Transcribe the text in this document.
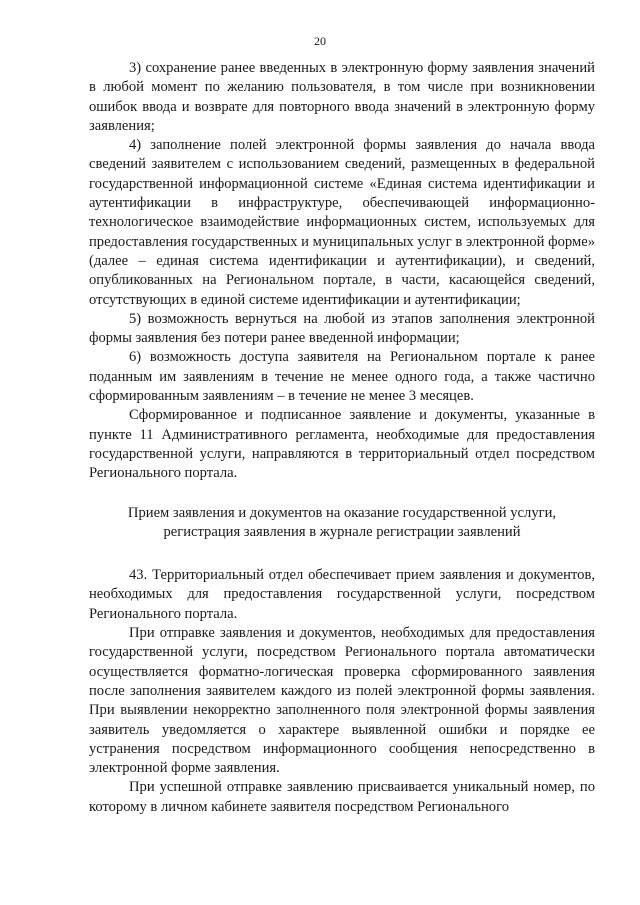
20

3) сохранение ранее введенных в электронную форму заявления значений в любой момент по желанию пользователя, в том числе при возникновении ошибок ввода и возврате для повторного ввода значений в электронную форму заявления;

4) заполнение полей электронной формы заявления до начала ввода сведений заявителем с использованием сведений, размещенных в федеральной государственной информационной системе «Единая система идентификации и аутентификации в инфраструктуре, обеспечивающей информационно-технологическое взаимодействие информационных систем, используемых для предоставления государственных и муниципальных услуг в электронной форме» (далее – единая система идентификации и аутентификации), и сведений, опубликованных на Региональном портале, в части, касающейся сведений, отсутствующих в единой системе идентификации и аутентификации;

5) возможность вернуться на любой из этапов заполнения электронной формы заявления без потери ранее введенной информации;

6) возможность доступа заявителя на Региональном портале к ранее поданным им заявлениям в течение не менее одного года, а также частично сформированным заявлениям – в течение не менее 3 месяцев.

Сформированное и подписанное заявление и документы, указанные в пункте 11 Административного регламента, необходимые для предоставления государственной услуги, направляются в территориальный отдел посредством Регионального портала.

Прием заявления и документов на оказание государственной услуги, регистрация заявления в журнале регистрации заявлений

43. Территориальный отдел обеспечивает прием заявления и документов, необходимых для предоставления государственной услуги, посредством Регионального портала.

При отправке заявления и документов, необходимых для предоставления государственной услуги, посредством Регионального портала автоматически осуществляется форматно-логическая проверка сформированного заявления после заполнения заявителем каждого из полей электронной формы заявления. При выявлении некорректно заполненного поля электронной формы заявления заявитель уведомляется о характере выявленной ошибки и порядке ее устранения посредством информационного сообщения непосредственно в электронной форме заявления.

При успешной отправке заявлению присваивается уникальный номер, по которому в личном кабинете заявителя посредством Регионального
